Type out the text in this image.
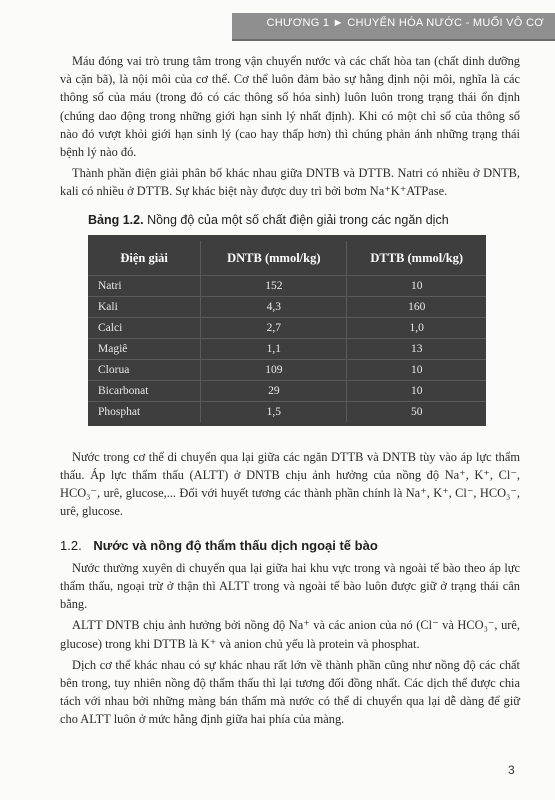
CHƯƠNG 1 ► CHUYỂN HÓA NƯỚC - MUỐI VÔ CƠ

Máu đóng vai trò trung tâm trong vận chuyển nước và các chất hòa tan (chất dinh dưỡng và cặn bã), là nội môi của cơ thể. Cơ thể luôn đảm bảo sự hằng định nội môi, nghĩa là các thông số của máu (trong đó có các thông số hóa sinh) luôn luôn trong trạng thái ổn định (chúng dao động trong những giới hạn sinh lý nhất định). Khi có một chỉ số của thông số nào đó vượt khỏi giới hạn sinh lý (cao hay thấp hơn) thì chúng phản ánh những trạng thái bệnh lý nào đó.

Thành phần điện giải phân bố khác nhau giữa DNTB và DTTB. Natri có nhiều ở DNTB, kali có nhiều ở DTTB. Sự khác biệt này được duy trì bởi bơm Na⁺K⁺ATPase.

Bảng 1.2. Nồng độ của một số chất điện giải trong các ngăn dịch
Điện giải	DNTB (mmol/kg)	DTTB (mmol/kg)
Natri	152	10
Kali	4,3	160
Calci	2,7	1,0
Magiê	1,1	13
Clorua	109	10
Bicarbonat	29	10
Phosphat	1,5	50

Nước trong cơ thể di chuyển qua lại giữa các ngăn DTTB và DNTB tùy vào áp lực thẩm thấu. Áp lực thẩm thấu (ALTT) ở DNTB chịu ảnh hưởng của nồng độ Na⁺, K⁺, Cl⁻, HCO₃⁻, urê, glucose,... Đối với huyết tương các thành phần chính là Na⁺, K⁺, Cl⁻, HCO₃⁻, urê, glucose.

1.2. Nước và nồng độ thẩm thấu dịch ngoại tế bào

Nước thường xuyên di chuyển qua lại giữa hai khu vực trong và ngoài tế bào theo áp lực thẩm thấu, ngoại trừ ở thận thì ALTT trong và ngoài tế bào luôn được giữ ở trạng thái cân bằng.

ALTT DNTB chịu ảnh hưởng bởi nồng độ Na⁺ và các anion của nó (Cl⁻ và HCO₃⁻, urê, glucose) trong khi DTTB là K⁺ và anion chủ yếu là protein và phosphat.

Dịch cơ thể khác nhau có sự khác nhau rất lớn về thành phần cũng như nồng độ các chất bên trong, tuy nhiên nồng độ thẩm thấu thì lại tương đối đồng nhất. Các dịch thể được chia tách với nhau bởi những màng bán thấm mà nước có thể di chuyển qua lại dễ dàng để giữ cho ALTT luôn ở mức hằng định giữa hai phía của màng.

3
